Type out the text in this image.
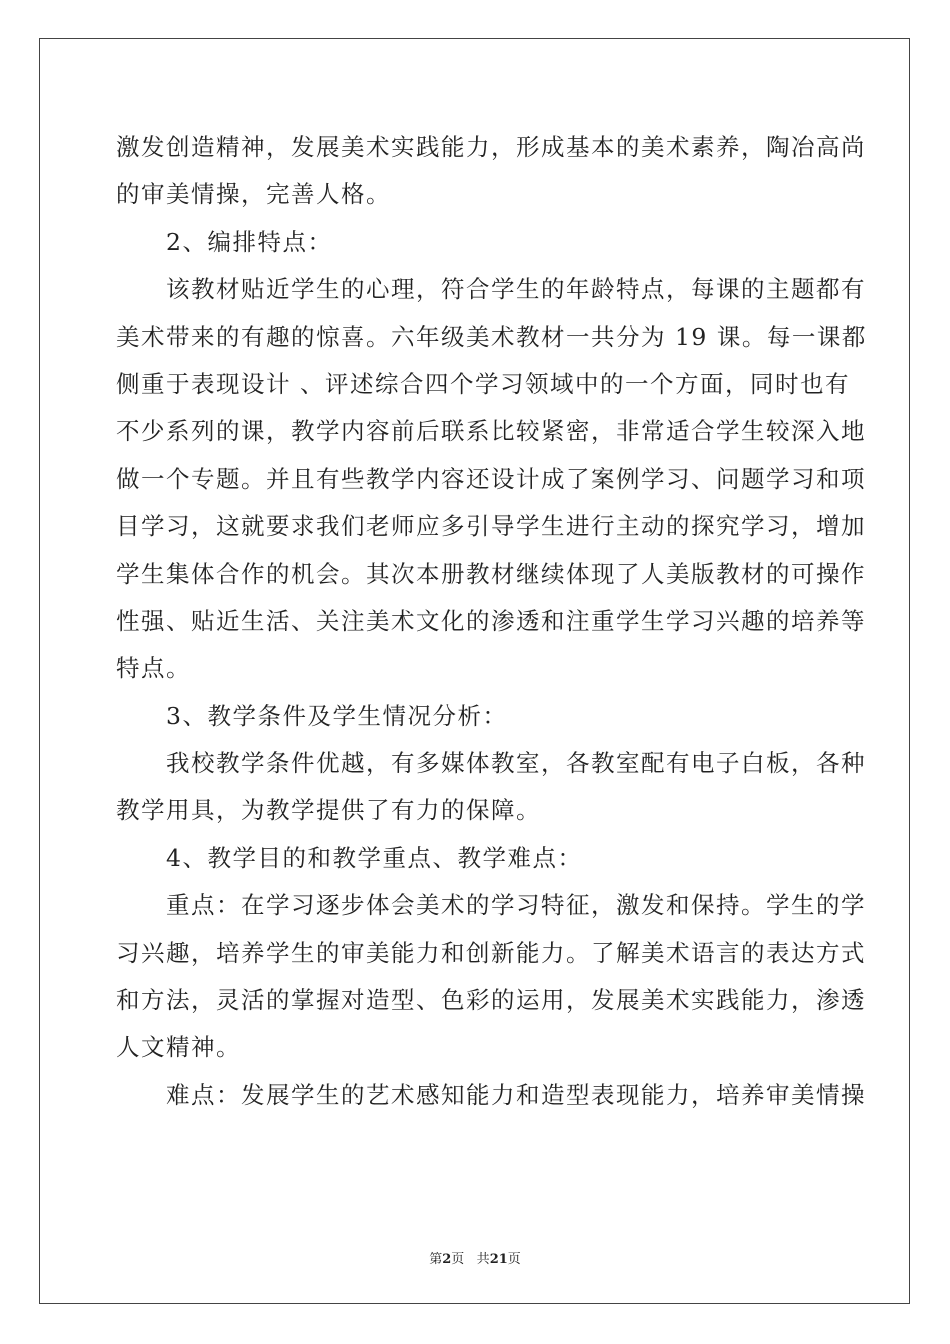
激发创造精神，发展美术实践能力，形成基本的美术素养，陶冶高尚
的审美情操，完善人格。
　　2、编排特点：
　　该教材贴近学生的心理，符合学生的年龄特点，每课的主题都有
美术带来的有趣的惊喜。六年级美术教材一共分为 19 课。每一课都
侧重于表现设计 、评述综合四个学习领域中的一个方面，同时也有
不少系列的课，教学内容前后联系比较紧密，非常适合学生较深入地
做一个专题。并且有些教学内容还设计成了案例学习、问题学习和项
目学习，这就要求我们老师应多引导学生进行主动的探究学习，增加
学生集体合作的机会。其次本册教材继续体现了人美版教材的可操作
性强、贴近生活、关注美术文化的渗透和注重学生学习兴趣的培养等
特点。
　　3、教学条件及学生情况分析：
　　我校教学条件优越，有多媒体教室，各教室配有电子白板，各种
教学用具，为教学提供了有力的保障。
　　4、教学目的和教学重点、教学难点：
　　重点：在学习逐步体会美术的学习特征，激发和保持。学生的学
习兴趣，培养学生的审美能力和创新能力。了解美术语言的表达方式
和方法，灵活的掌握对造型、色彩的运用，发展美术实践能力，渗透
人文精神。
　　难点：发展学生的艺术感知能力和造型表现能力，培养审美情操
第2页 共21页
